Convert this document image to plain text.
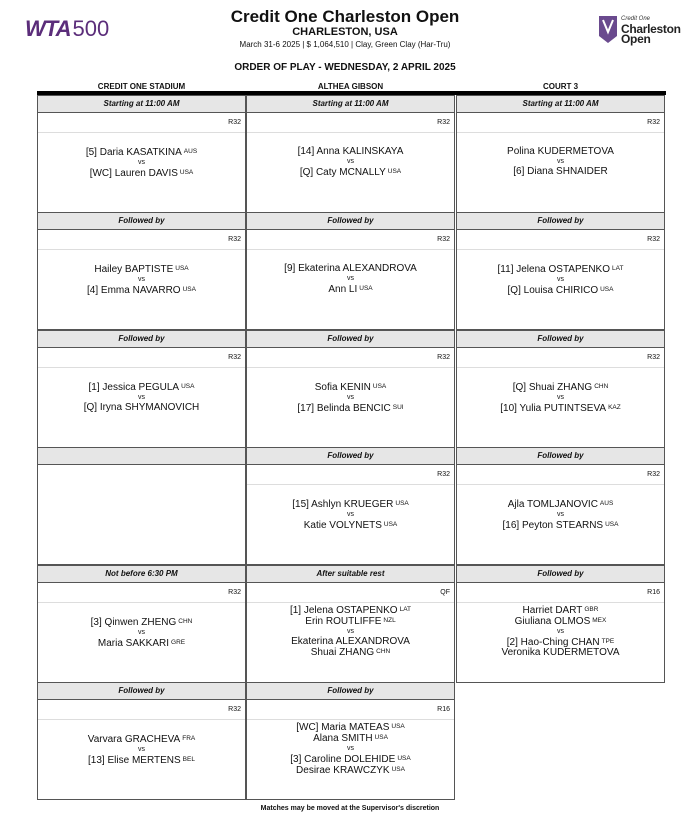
WTA500	Credit One
Charleston
Open
Credit One Charleston Open
CHARLESTON, USA
March 31-6 2025 | $ 1,064,510 | Clay, Green Clay (Har-Tru)
ORDER OF PLAY - WEDNESDAY, 2 APRIL 2025
CREDIT ONE STADIUM	ALTHEA GIBSON	COURT 3
Starting at 11:00 AM
R32
[5] Daria KASATKINA $^{AUS}$
vs
[WC] Lauren DAVIS $^{USA}$
Starting at 11:00 AM
R32
[14] Anna KALINSKAYA
vs
[Q] Caty MCNALLY $^{USA}$
Starting at 11:00 AM
R32
Polina KUDERMETOVA
vs
[6] Diana SHNAIDER
Followed by
R32
Hailey BAPTISTE $^{USA}$
vs
[4] Emma NAVARRO $^{USA}$
Followed by
R32
[9] Ekaterina ALEXANDROVA
vs
Ann LI $^{USA}$
Followed by
R32
[11] Jelena OSTAPENKO $^{LAT}$
vs
[Q] Louisa CHIRICO $^{USA}$
Followed by
R32
[1] Jessica PEGULA $^{USA}$
vs
[Q] Iryna SHYMANOVICH
Followed by
R32
Sofia KENIN $^{USA}$
vs
[17] Belinda BENCIC $^{SUI}$
Followed by
R32
[Q] Shuai ZHANG $^{CHN}$
vs
[10] Yulia PUTINTSEVA $^{KAZ}$
Followed by
R32
[15] Ashlyn KRUEGER $^{USA}$
vs
Katie VOLYNETS $^{USA}$
Followed by
R32
Ajla TOMLJANOVIC $^{AUS}$
vs
[16] Peyton STEARNS $^{USA}$
Not before 6:30 PM
R32
[3] Qinwen ZHENG $^{CHN}$
vs
Maria SAKKARI $^{GRE}$
After suitable rest
QF
[1] Jelena OSTAPENKO $^{LAT}$
Erin ROUTLIFFE $^{NZL}$
vs
Ekaterina ALEXANDROVA
Shuai ZHANG $^{CHN}$
Followed by
R16
Harriet DART $^{GBR}$
Giuliana OLMOS $^{MEX}$
vs
[2] Hao-Ching CHAN $^{TPE}$
Veronika KUDERMETOVA
Followed by
R32
Varvara GRACHEVA $^{FRA}$
vs
[13] Elise MERTENS $^{BEL}$
Followed by
R16
[WC] Maria MATEAS $^{USA}$
Alana SMITH $^{USA}$
vs
[3] Caroline DOLEHIDE $^{USA}$
Desirae KRAWCZYK $^{USA}$
Matches may be moved at the Supervisor's discretion
